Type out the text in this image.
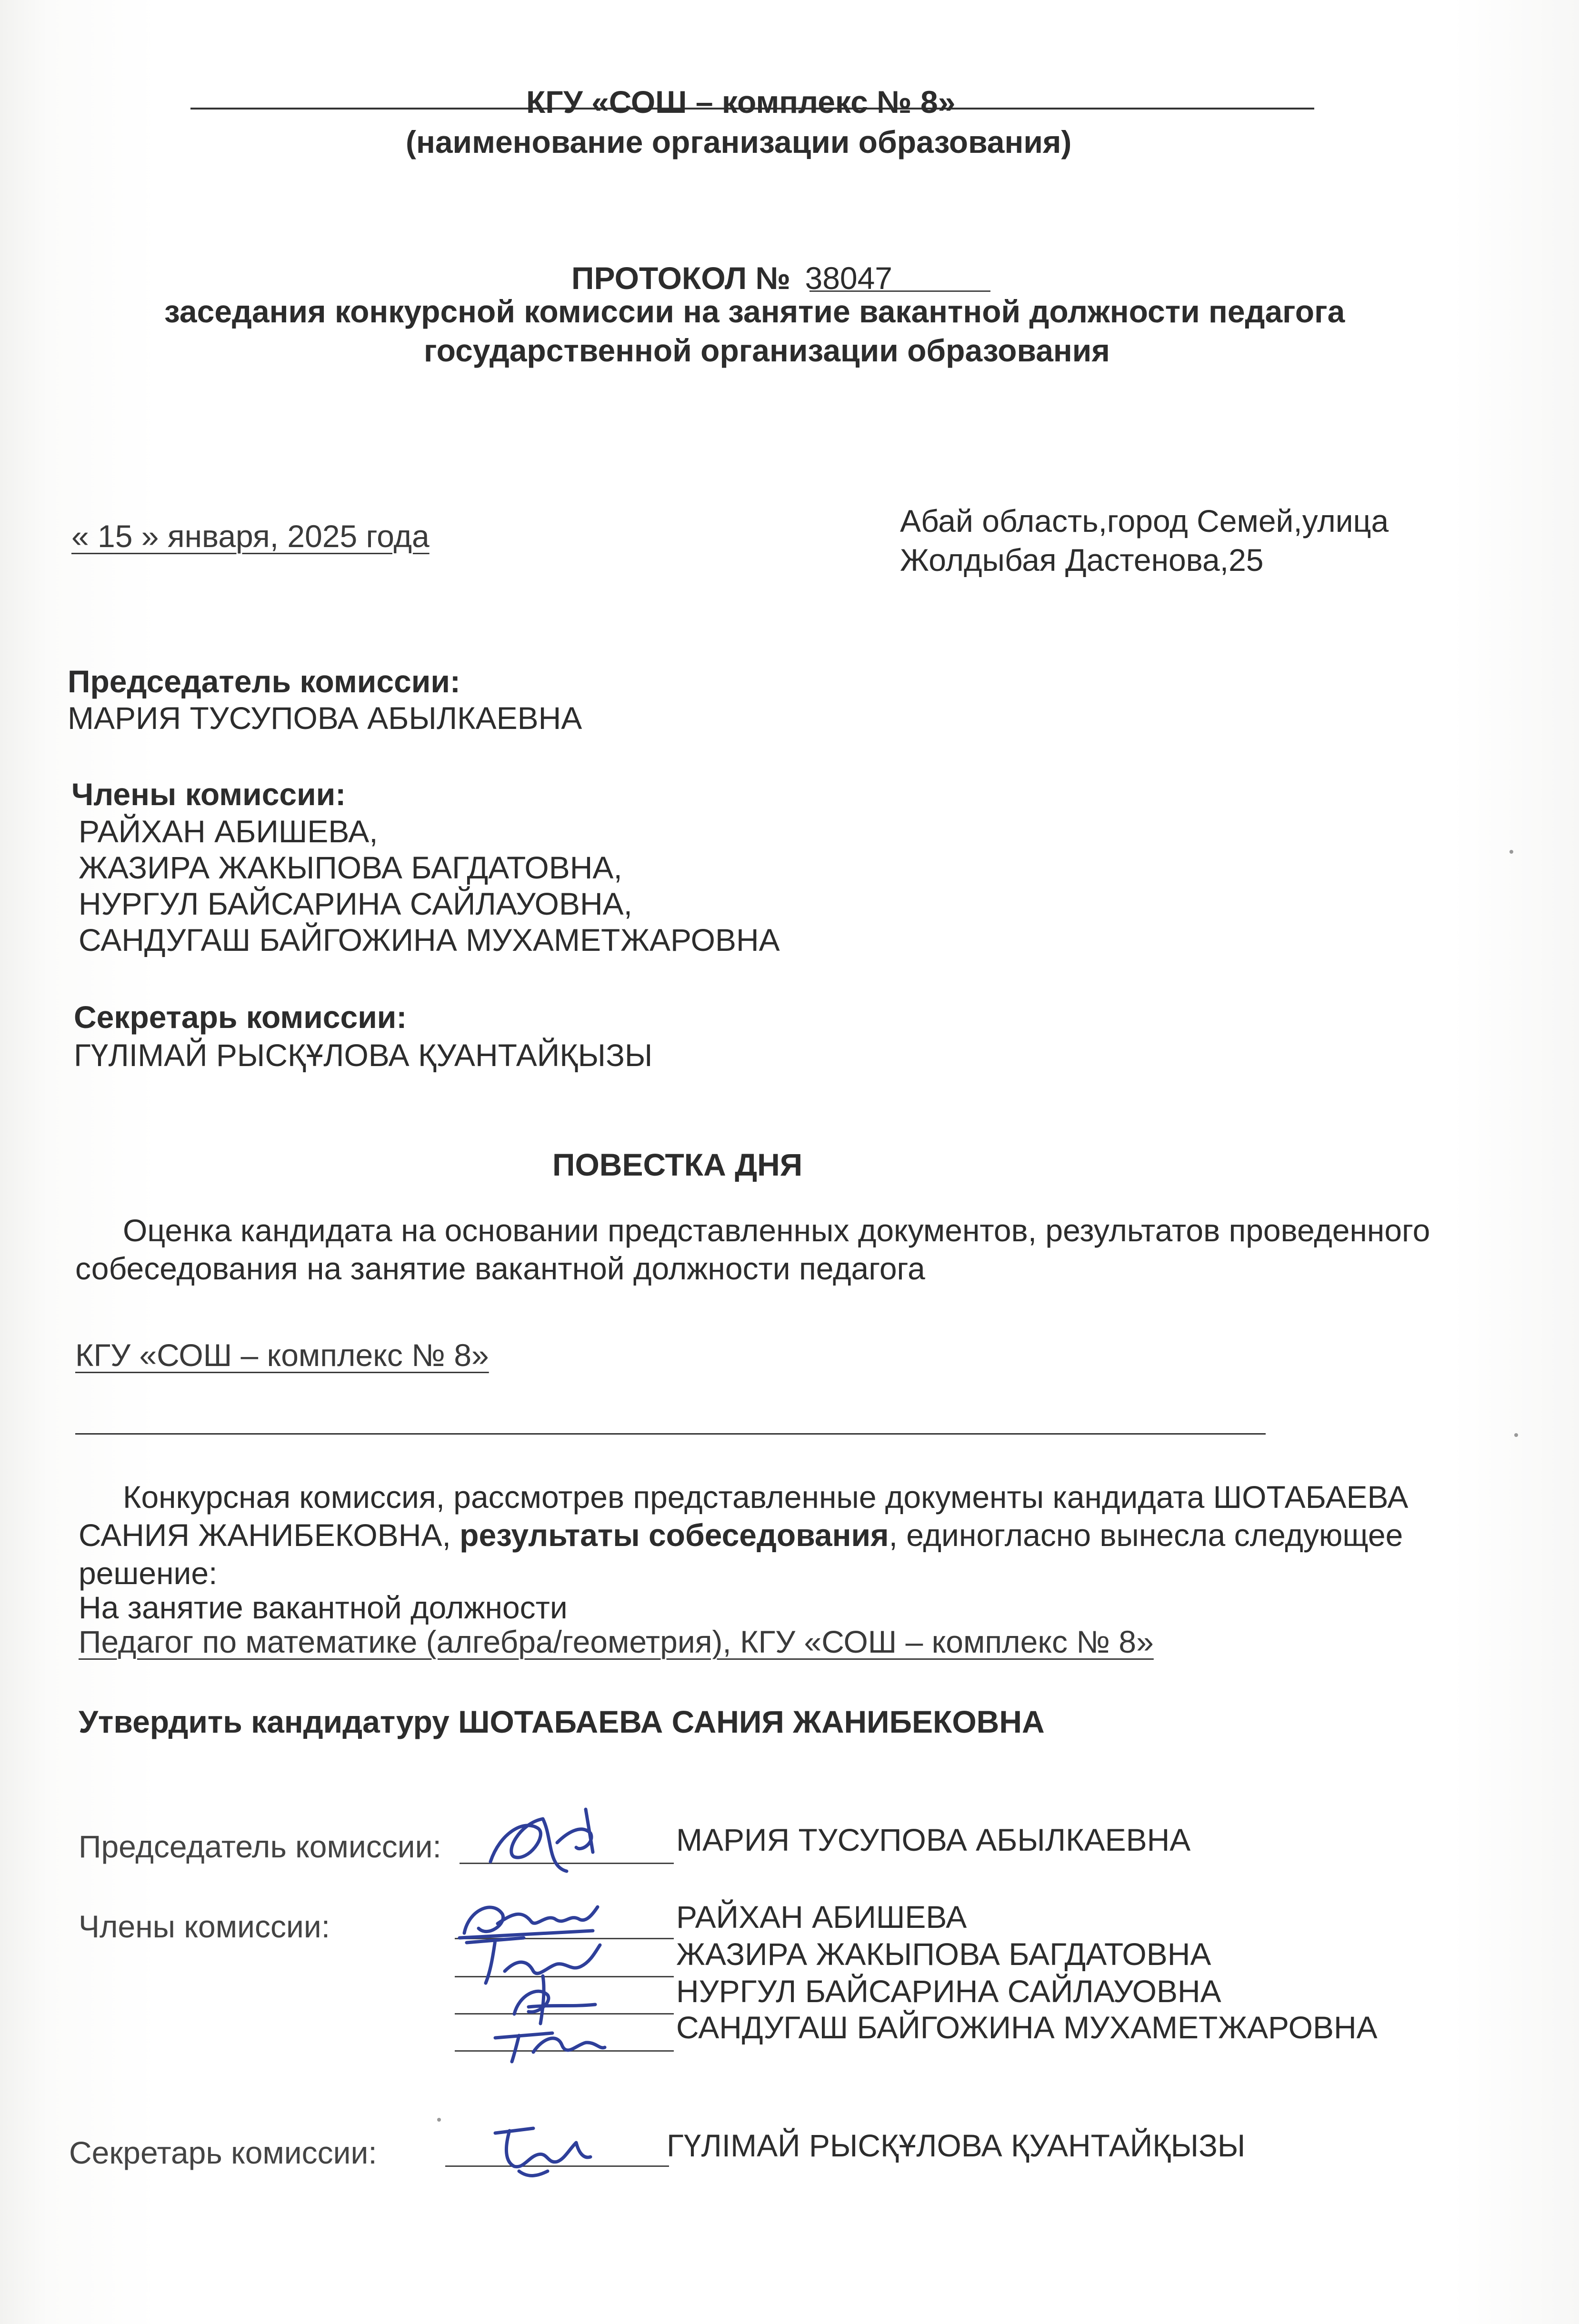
КГУ «СОШ – комплекс № 8»
(наименование организации образования)
ПРОТОКОЛ № 38047
заседания конкурсной комиссии на занятие вакантной должности педагога
государственной организации образования
« 15 » января, 2025 года	Абай область,город Семей,улица
Жолдыбая Дастенова,25
Председатель комиссии:
МАРИЯ ТУСУПОВА АБЫЛКАЕВНА
Члены комиссии:
РАЙХАН АБИШЕВА,
ЖАЗИРА ЖАКЫПОВА БАГДАТОВНА,
НУРГУЛ БАЙСАРИНА САЙЛАУОВНА,
САНДУГАШ БАЙГОЖИНА МУХАМЕТЖАРОВНА
Секретарь комиссии:
ГҮЛІМАЙ РЫСҚҰЛОВА ҚУАНТАЙҚЫЗЫ
ПОВЕСТКА ДНЯ
Оценка кандидата на основании представленных документов, результатов проведенного
собеседования на занятие вакантной должности педагога
КГУ «СОШ – комплекс № 8»
Конкурсная комиссия, рассмотрев представленные документы кандидата ШОТАБАЕВА
САНИЯ ЖАНИБЕКОВНА, результаты собеседования, единогласно вынесла следующее
решение:
На занятие вакантной должности
Педагог по математике (алгебра/геометрия), КГУ «СОШ – комплекс № 8»
Утвердить кандидатуру ШОТАБАЕВА САНИЯ ЖАНИБЕКОВНА
Председатель комиссии:	МАРИЯ ТУСУПОВА АБЫЛКАЕВНА
Члены комиссии:	РАЙХАН АБИШЕВА
ЖАЗИРА ЖАКЫПОВА БАГДАТОВНА
НУРГУЛ БАЙСАРИНА САЙЛАУОВНА
САНДУГАШ БАЙГОЖИНА МУХАМЕТЖАРОВНА
Секретарь комиссии:	ГҮЛІМАЙ РЫСҚҰЛОВА ҚУАНТАЙҚЫЗЫ
